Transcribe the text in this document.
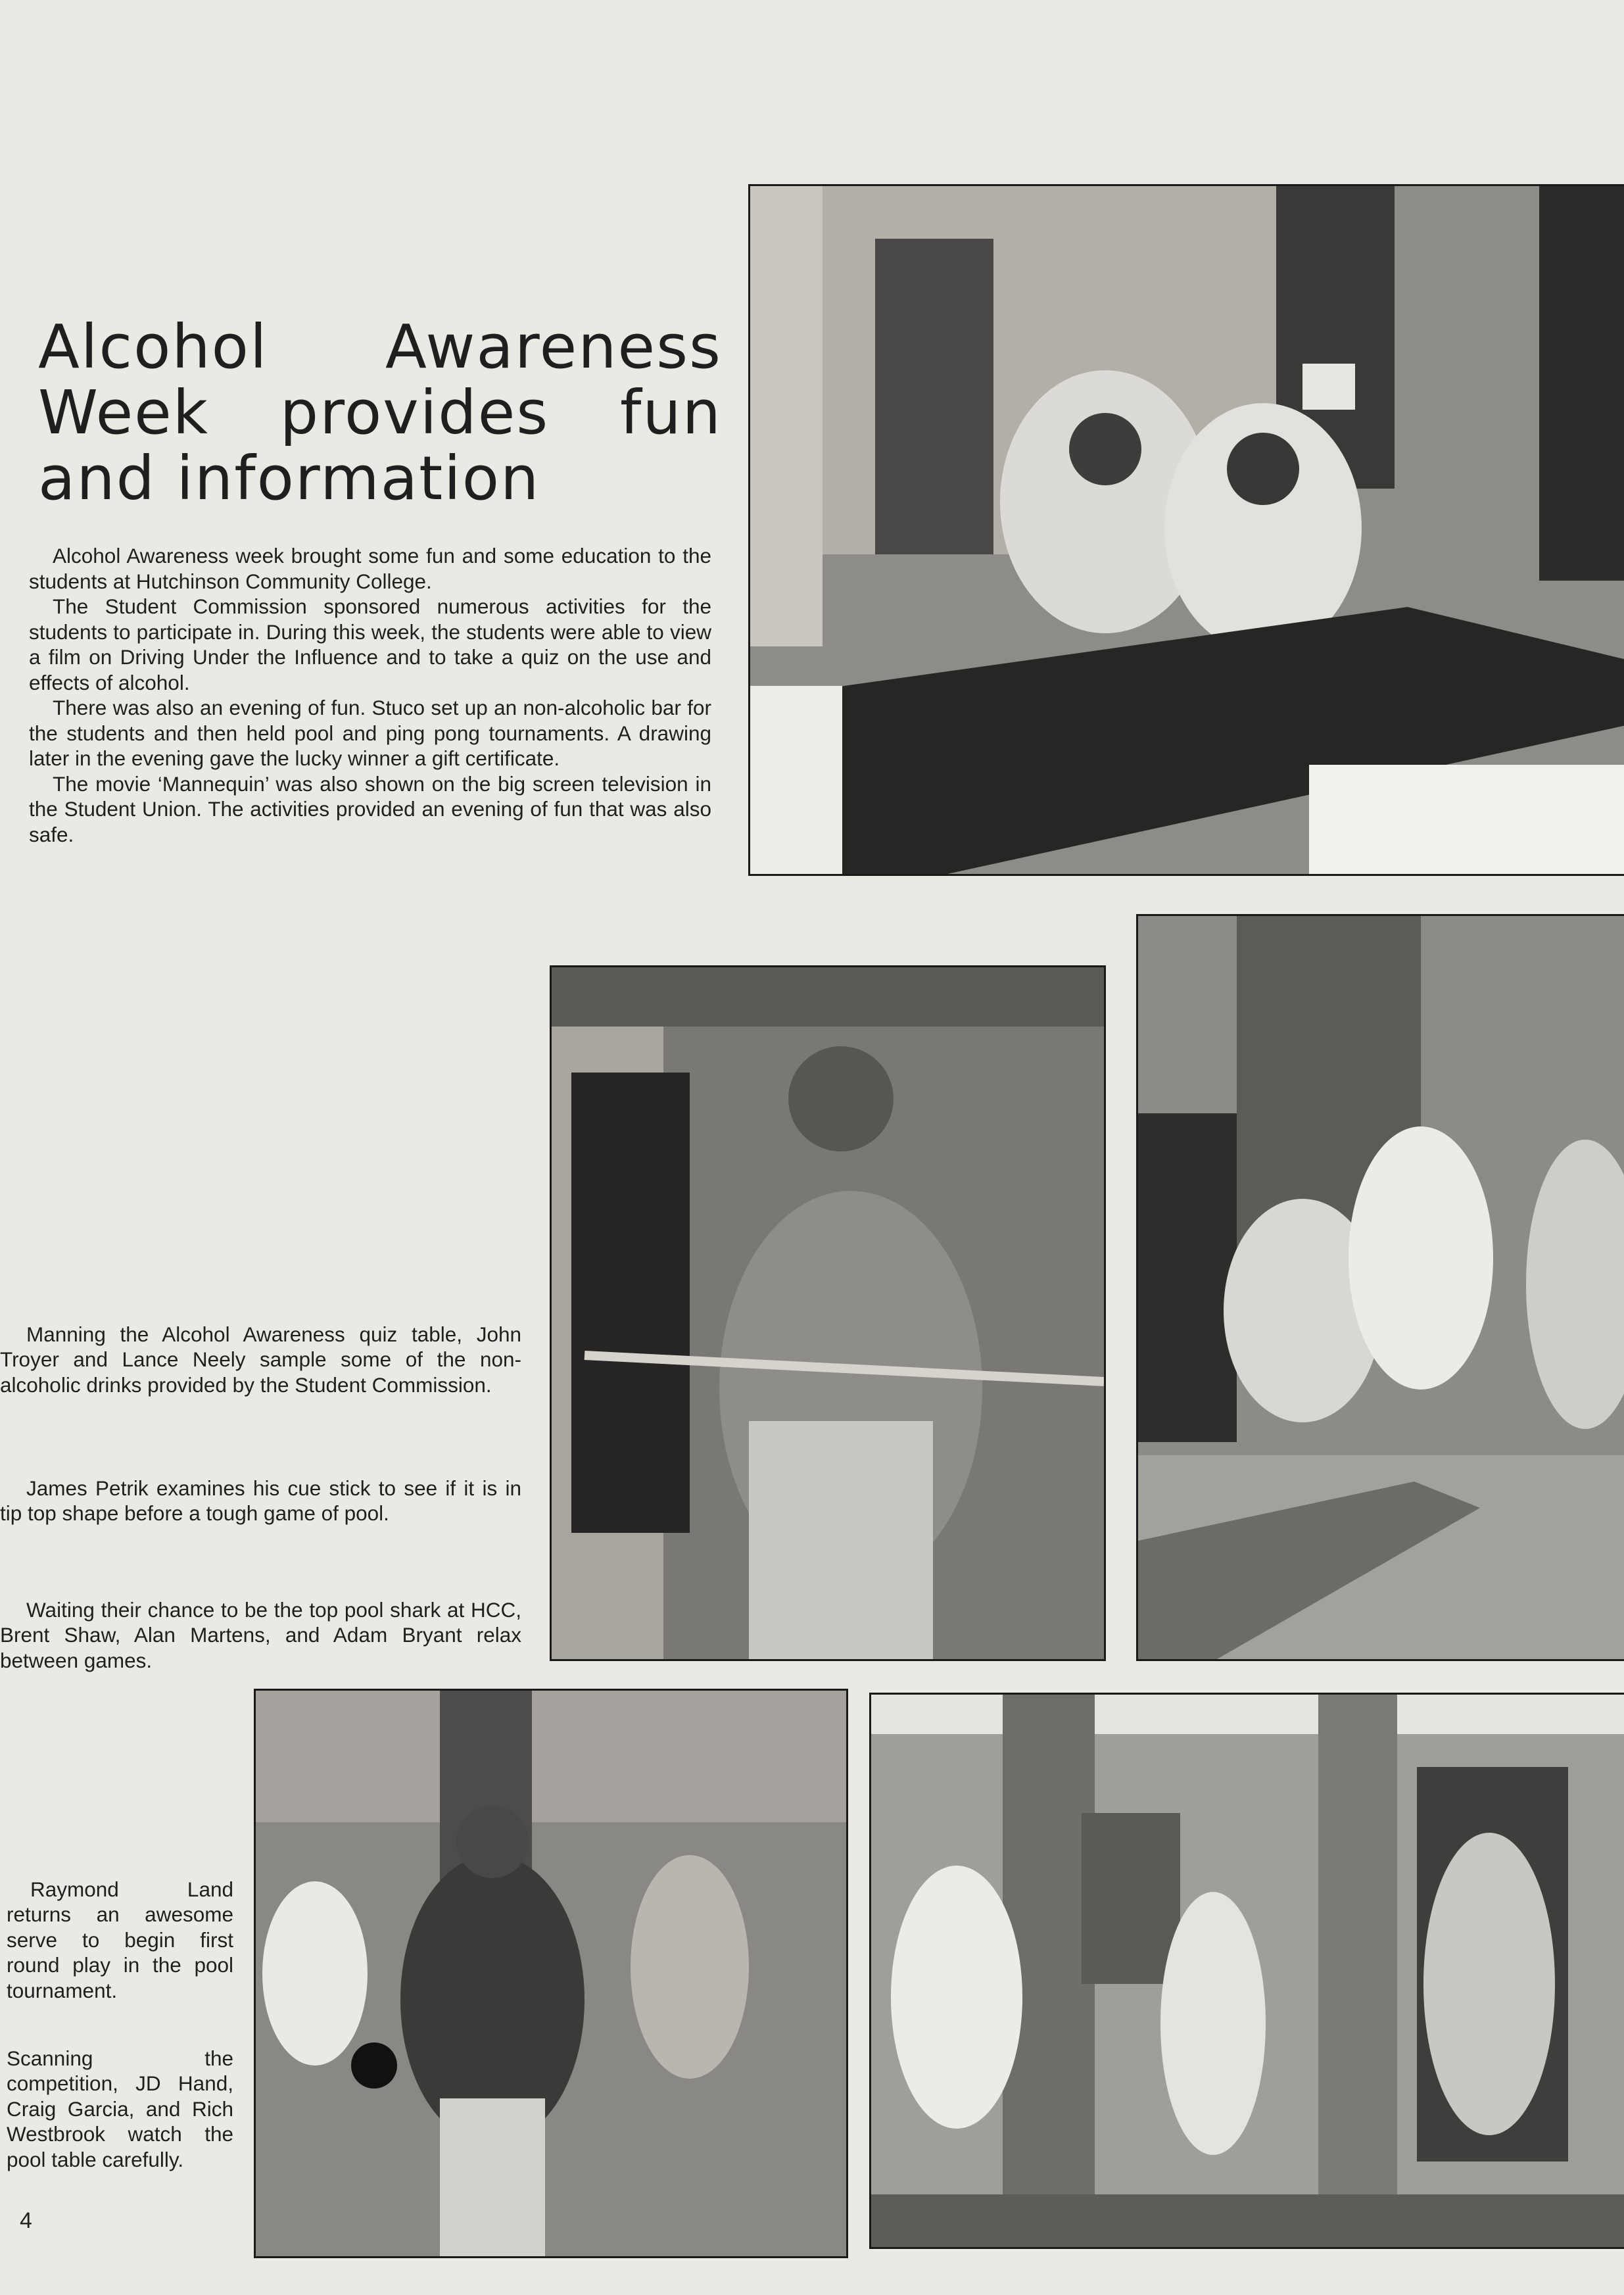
Alcohol Awareness
Week provides fun
and information

Alcohol Awareness week brought some fun and some education to the students at Hutchinson Community College.

The Student Commission sponsored numerous activities for the students to participate in. During this week, the students were able to view a film on Driving Under the Influence and to take a quiz on the use and effects of alcohol.

There was also an evening of fun. Stuco set up an non-alcoholic bar for the students and then held pool and ping pong tournaments. A drawing later in the evening gave the lucky winner a gift certificate.

The movie ‘Mannequin’ was also shown on the big screen television in the Student Union. The activities provided an evening of fun that was also safe.

Manning the Alcohol Awareness quiz table, John Troyer and Lance Neely sample some of the non-alcoholic drinks provided by the Student Commission.

James Petrik examines his cue stick to see if it is in tip top shape before a tough game of pool.

Waiting their chance to be the top pool shark at HCC, Brent Shaw, Alan Martens, and Adam Bryant relax between games.

Raymond Land returns an awesome serve to begin first round play in the pool tournament.

Scanning the competition, JD Hand, Craig Garcia, and Rich Westbrook watch the pool table carefully.

4
